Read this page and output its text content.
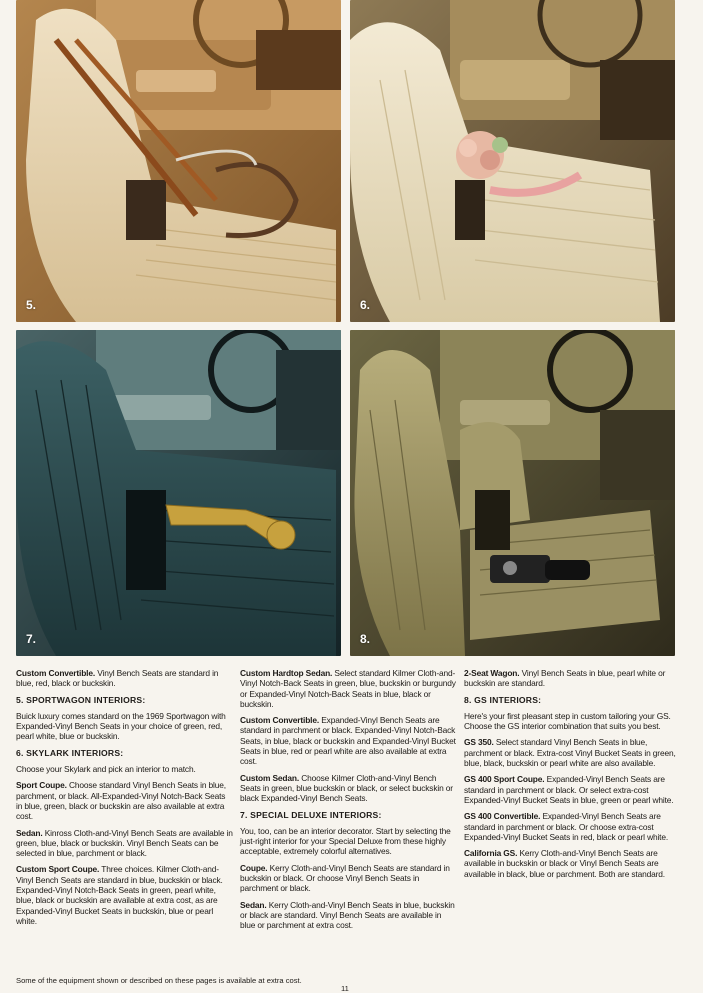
5.	6.
7.	8.

Custom Convertible. Vinyl Bench Seats are standard in blue, red, black or buckskin.

5. SPORTWAGON INTERIORS:

Buick luxury comes standard on the 1969 Sportwagon with Expanded-Vinyl Bench Seats in your choice of green, red, pearl white, blue or buckskin.

6. SKYLARK INTERIORS:

Choose your Skylark and pick an interior to match.

Sport Coupe. Choose standard Vinyl Bench Seats in blue, parchment, or black. All-Expanded-Vinyl Notch-Back Seats in blue, green, black or buckskin are also available at extra cost.

Sedan. Kinross Cloth-and-Vinyl Bench Seats are available in green, blue, black or buckskin. Vinyl Bench Seats can be selected in blue, parchment or black.

Custom Sport Coupe. Three choices. Kilmer Cloth-and-Vinyl Bench Seats are standard in blue, buckskin or black. Expanded-Vinyl Notch-Back Seats in green, pearl white, blue, black or buckskin are available at extra cost, as are Expanded-Vinyl Bucket Seats in buckskin, blue or pearl white.

Custom Hardtop Sedan. Select standard Kilmer Cloth-and-Vinyl Notch-Back Seats in green, blue, buckskin or burgundy or Expanded-Vinyl Notch-Back Seats in blue, black or buckskin.

Custom Convertible. Expanded-Vinyl Bench Seats are standard in parchment or black. Expanded-Vinyl Notch-Back Seats, in blue, black or buckskin and Expanded-Vinyl Bucket Seats in blue, red or pearl white are also available at extra cost.

Custom Sedan. Choose Kilmer Cloth-and-Vinyl Bench Seats in green, blue buckskin or black, or select buckskin or black Expanded-Vinyl Bench Seats.

7. SPECIAL DELUXE INTERIORS:

You, too, can be an interior decorator. Start by selecting the just-right interior for your Special Deluxe from these highly acceptable, extremely colorful alternatives.

Coupe. Kerry Cloth-and-Vinyl Bench Seats are standard in buckskin or black. Or choose Vinyl Bench Seats in parchment or black.

Sedan. Kerry Cloth-and-Vinyl Bench Seats in blue, buckskin or black are standard. Vinyl Bench Seats are available in blue or parchment at extra cost.

2-Seat Wagon. Vinyl Bench Seats in blue, pearl white or buckskin are standard.

8. GS INTERIORS:

Here's your first pleasant step in custom tailoring your GS. Choose the GS interior combination that suits you best.

GS 350. Select standard Vinyl Bench Seats in blue, parchment or black. Extra-cost Vinyl Bucket Seats in green, blue, black, buckskin or pearl white are also available.

GS 400 Sport Coupe. Expanded-Vinyl Bench Seats are standard in parchment or black. Or select extra-cost Expanded-Vinyl Bucket Seats in blue, green or pearl white.

GS 400 Convertible. Expanded-Vinyl Bench Seats are standard in parchment or black. Or choose extra-cost Expanded-Vinyl Bucket Seats in red, black or pearl white.

California GS. Kerry Cloth-and-Vinyl Bench Seats are available in buckskin or black or Vinyl Bench Seats are available in black, blue or parchment. Both are standard.

Some of the equipment shown or described on these pages is available at extra cost.
11
